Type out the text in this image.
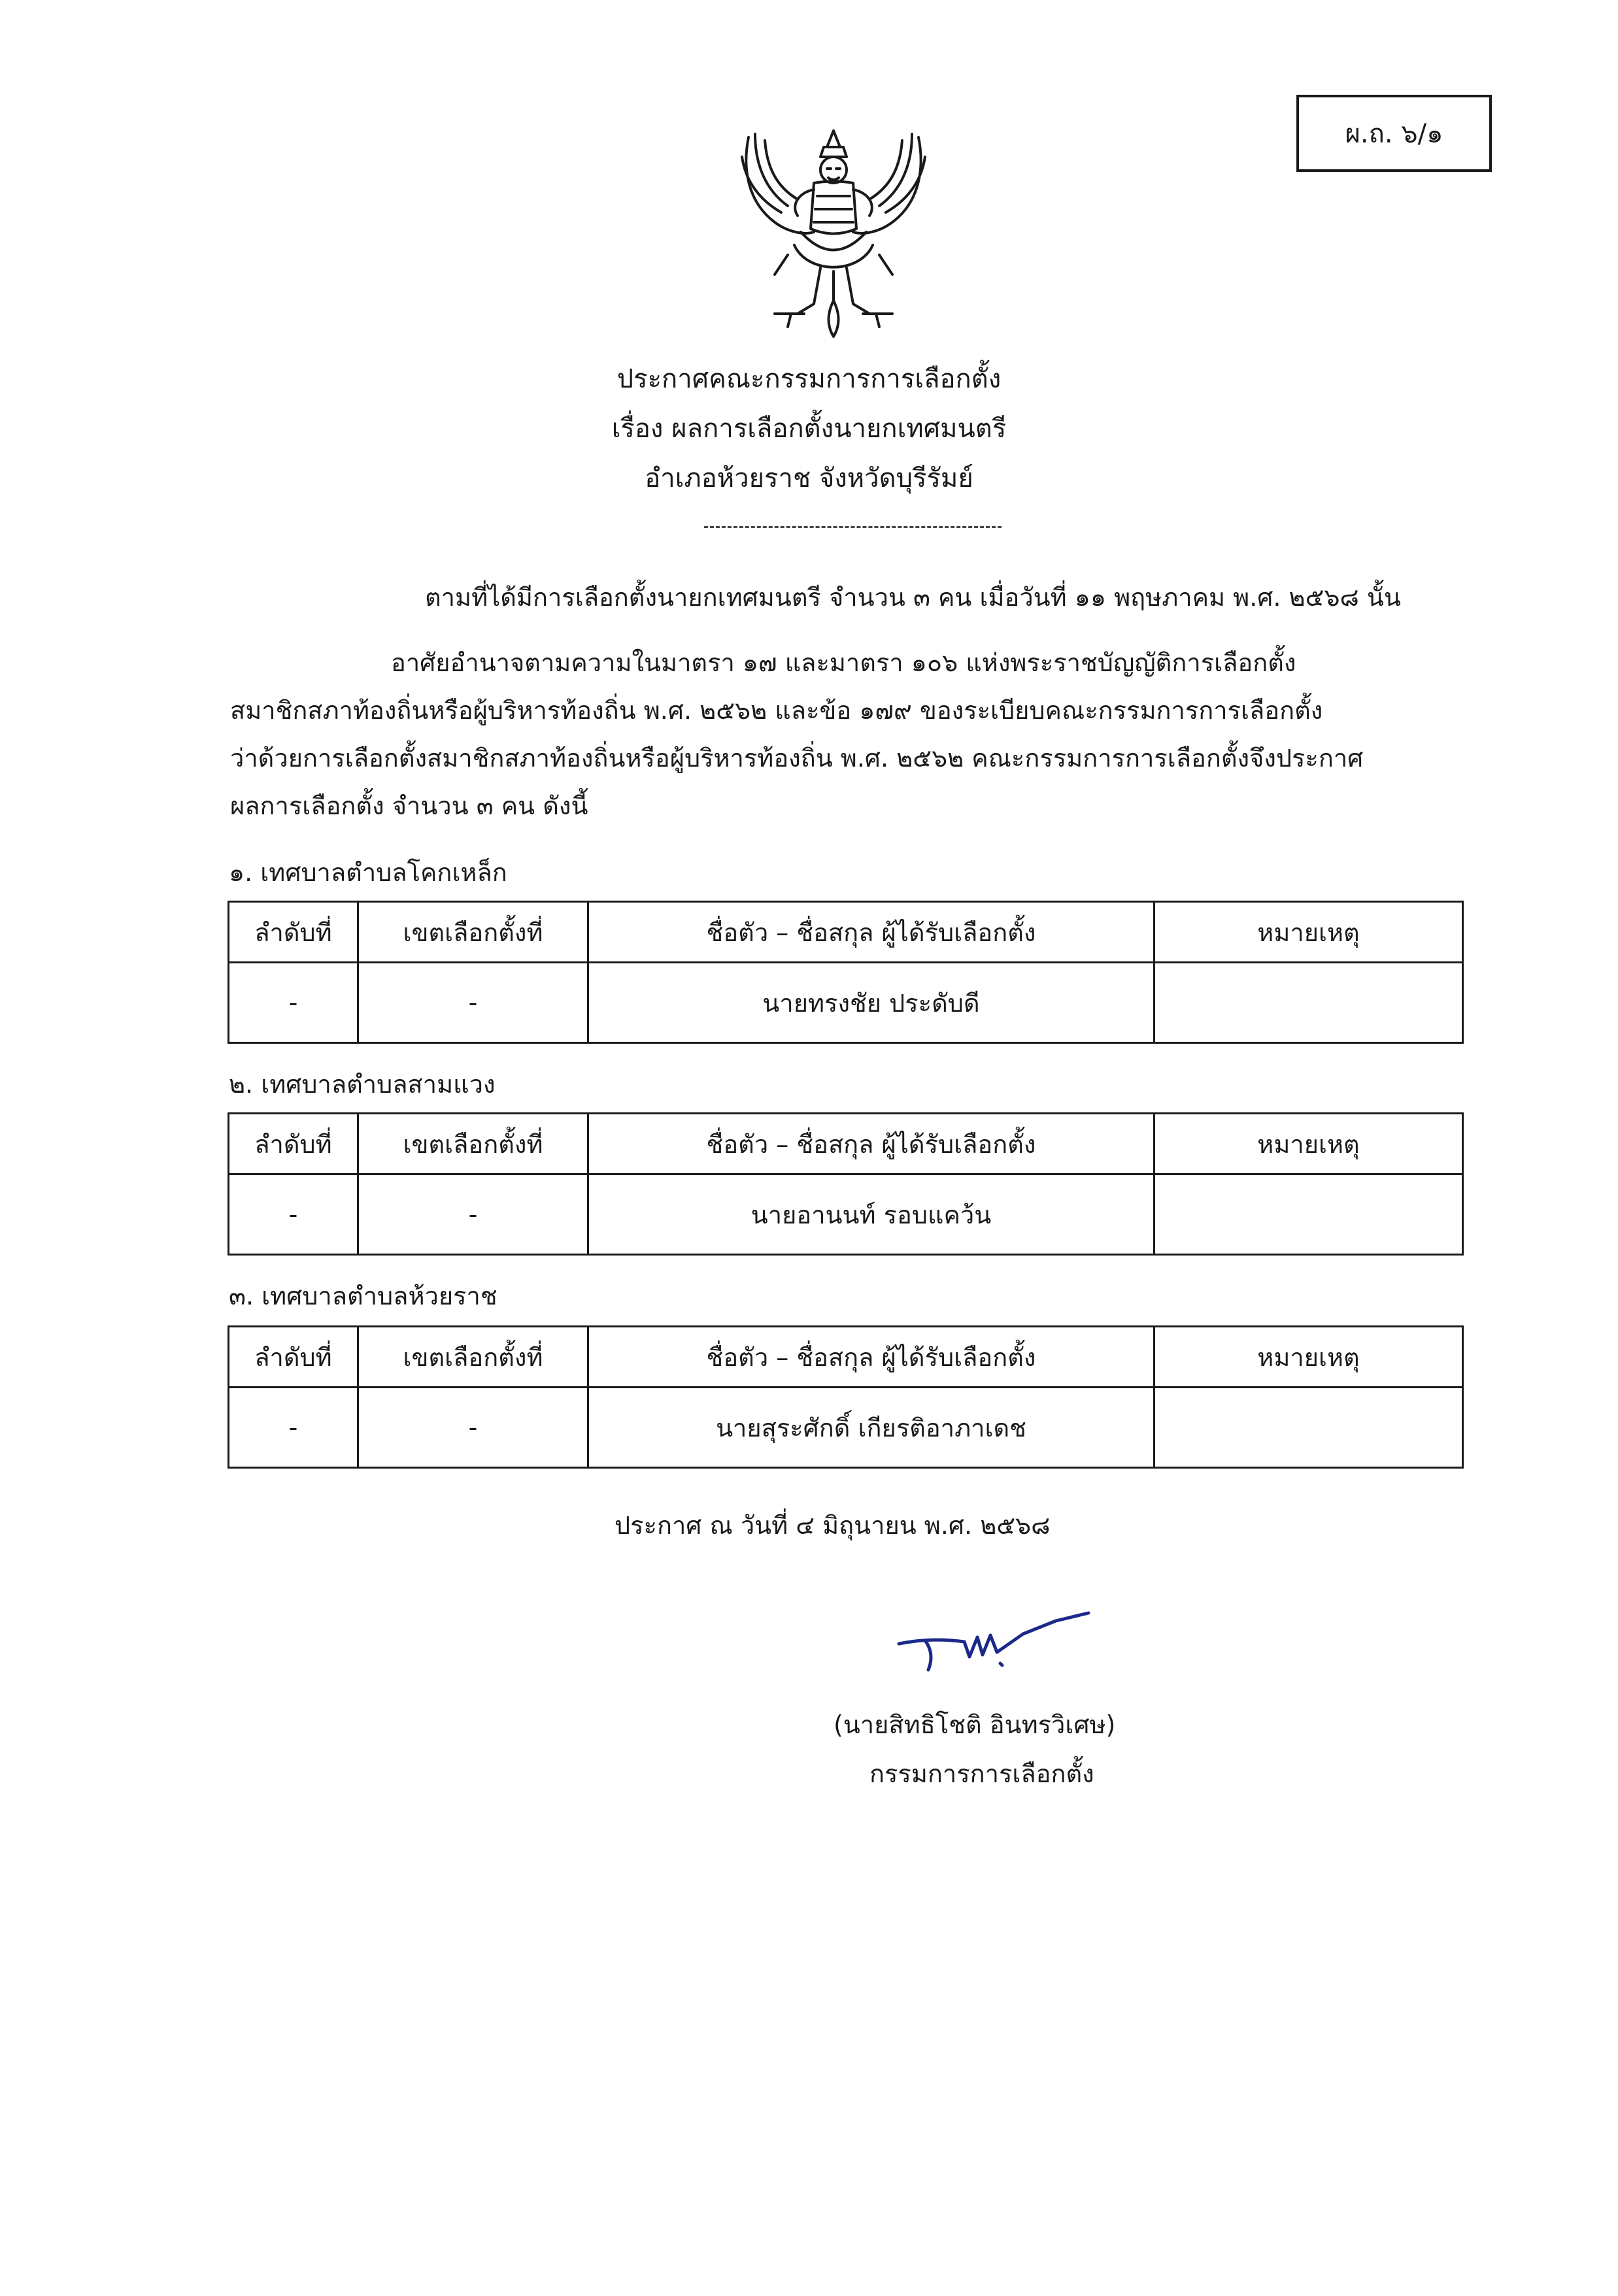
ผ.ถ. ๖/๑
ประกาศคณะกรรมการการเลือกตั้ง
เรื่อง ผลการเลือกตั้งนายกเทศมนตรี
อำเภอห้วยราช จังหวัดบุรีรัมย์
ตามที่ได้มีการเลือกตั้งนายกเทศมนตรี จำนวน ๓ คน เมื่อวันที่ ๑๑ พฤษภาคม พ.ศ. ๒๕๖๘ นั้น
อาศัยอำนาจตามความในมาตรา ๑๗ และมาตรา ๑๐๖ แห่งพระราชบัญญัติการเลือกตั้ง
สมาชิกสภาท้องถิ่นหรือผู้บริหารท้องถิ่น พ.ศ. ๒๕๖๒ และข้อ ๑๗๙ ของระเบียบคณะกรรมการการเลือกตั้ง
ว่าด้วยการเลือกตั้งสมาชิกสภาท้องถิ่นหรือผู้บริหารท้องถิ่น พ.ศ. ๒๕๖๒ คณะกรรมการการเลือกตั้งจึงประกาศ
ผลการเลือกตั้ง จำนวน ๓ คน ดังนี้
๑. เทศบาลตำบลโคกเหล็ก
ลำดับที่	เขตเลือกตั้งที่	ชื่อตัว – ชื่อสกุล ผู้ได้รับเลือกตั้ง	หมายเหตุ
-	-	นายทรงชัย ประดับดี	
๒. เทศบาลตำบลสามแวง
ลำดับที่	เขตเลือกตั้งที่	ชื่อตัว – ชื่อสกุล ผู้ได้รับเลือกตั้ง	หมายเหตุ
-	-	นายอานนท์ รอบแคว้น	
๓. เทศบาลตำบลห้วยราช
ลำดับที่	เขตเลือกตั้งที่	ชื่อตัว – ชื่อสกุล ผู้ได้รับเลือกตั้ง	หมายเหตุ
-	-	นายสุระศักดิ์ เกียรติอาภาเดช	
ประกาศ ณ วันที่ ๔ มิถุนายน พ.ศ. ๒๕๖๘
(นายสิทธิโชติ อินทรวิเศษ)
กรรมการการเลือกตั้ง
